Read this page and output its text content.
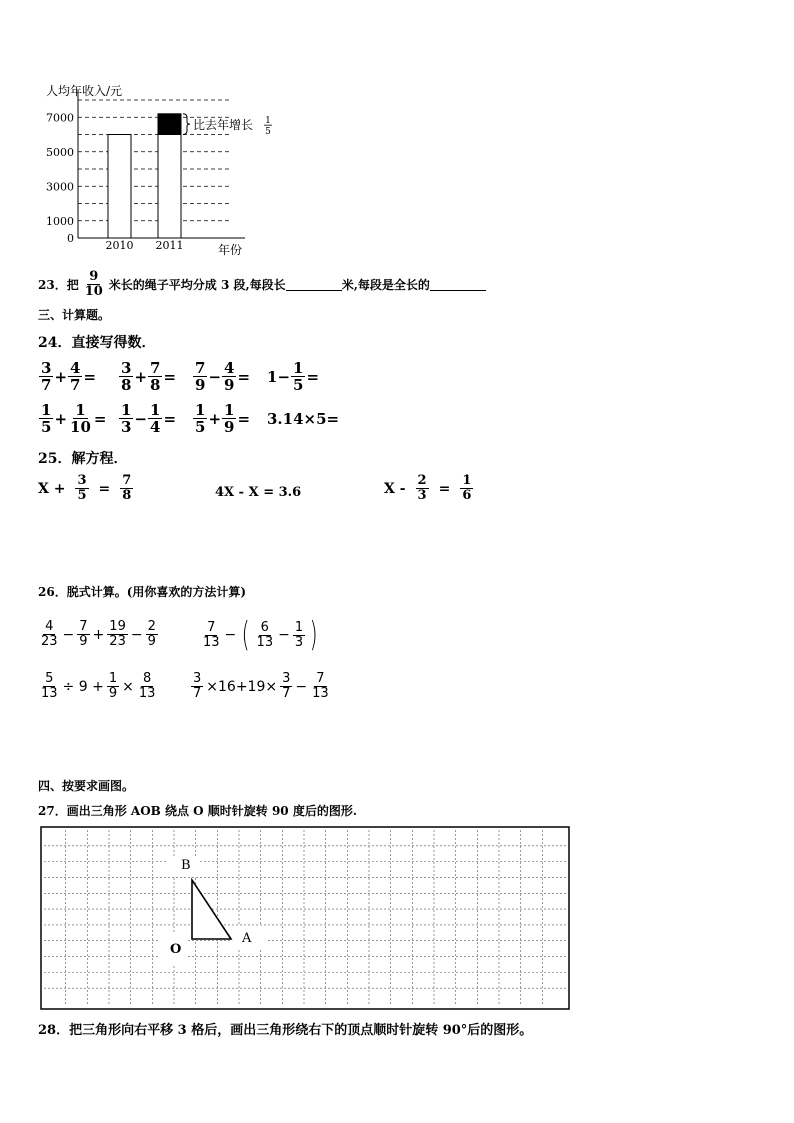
人均年收入/元
年份
0
1000
3000
5000
7000
2010 2011
比去年增长 1
5
23．把 $\frac{9}{10}$ 米长的绳子平均分成 3 段,每段长	米,每段是全长的
三、计算题。
24．直接写得数．
$\frac{3}{7} + \frac{4}{7} = \frac{3}{8} + \frac{7}{8} = \frac{7}{9} - \frac{4}{9} = 1 - \frac{1}{5}$ =
$\frac{1}{5} + \frac{1}{10} = \frac{1}{3} - \frac{1}{4} = \frac{1}{5} + \frac{1}{9} = 3.14\times 5=$
25．解方程．
$X + \frac{3}{5} = \frac{7}{8}$	4X - X = 3.6	$X - \frac{2}{3} = \frac{1}{6}$
26．脱式计算。(用你喜欢的方法计算)
$\frac{4}{23} - \frac{7}{9} + \frac{19}{23} - \frac{2}{9}$	$\frac{7}{13}$ − ( $\frac{6}{13} - \frac{1}{3}$ )
$\frac{5}{13} \div 9 + \frac{1}{9} \times \frac{8}{13}$	$\frac{3}{7} \times 16+19\times \frac{3}{7} - \frac{7}{13}$
四、按要求画图。
27．画出三角形 AOB 绕点 O 顺时针旋转 90 度后的图形.
B
A
O
28．把三角形向右平移 3 格后，画出三角形绕右下的顶点顺时针旋转 90°后的图形。
